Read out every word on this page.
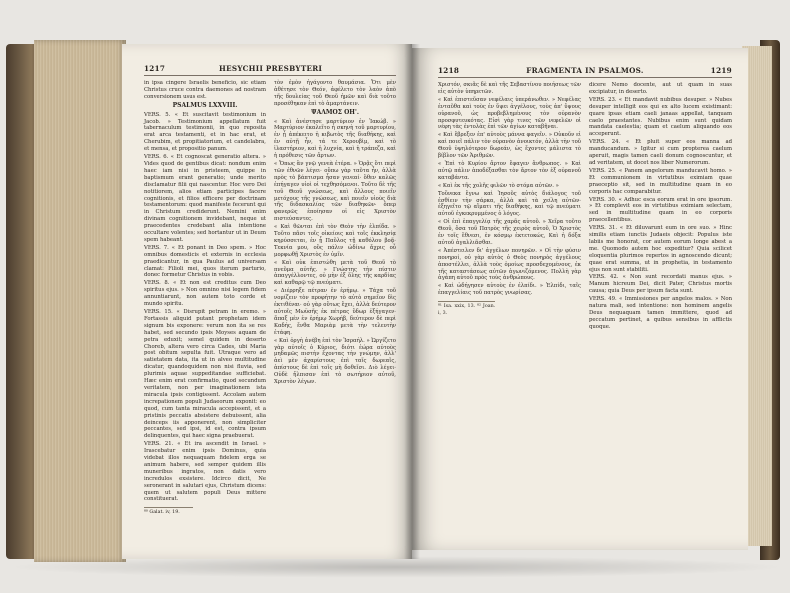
1217	HESYCHII PRESBYTERI

in ipsa cingere Israelis beneficio, sic etiam Christus cruce contra daemones ad nostram conversionem usus est.

PSALMUS LXXVIII.

VERS. 5. « Et suscitavit testimonium in Jacob. » Testimonium appellatum fuit tabernaculum testimonii, in quo reposita erat arca testamenti, et in hac erat, et Cherubim, et propitiatorium, et candelabra, et mensa, et propositio panum.

VERS. 6. « Et cognoscat generatio altera. » Vides quod de gentibus dicat: nondum enim haec iam nisi in pristeem, quippe in baptismum erant generatio; unde merito disclamatur filii qui nascentur. Hoc vero Dei notitiorem, alios etiam participes facere cognitionis, et filios efficere per doctrinam testamentorum: quod manifeste fecerunt qui in Christum crediderunt. Nemini enim divinam cognitionem invidebant, neque ut praecedentes credebant alia intentione occultare volentes; sed hortantur ut in Deum spem habeant.

VERS. 7. « Et ponant in Deo spem. » Hoc omnibus domesticis et externis in ecclesia praedicantur, in qua Paulus ad universam clamat: Filioli mei, quos iterum parturio, donec formetur Christus in vobis.

VERS. 8. « Et non est creditus cum Deo spiritus ejus. » Non omnino nisi legem fidem annuntiarunt, non autem toto corde et mundo spiritu.

VERS. 15. « Disrupit petram in eremo. » Fortassis aliquid putant prophetam idem signum bis exponere: verum non ita se res habet, sed secundo ipsis Moyses aquam de petra eduxit; semel quidem in deserto Choreb, altera vero circa Cades, ubi Maria post obitum sepulta fuit. Utraque vero ad satietatem data, ita ut in alveo multitudine dicatur, quandoquidem non nisi fluvia, sed plurimis aquae suppeditandae sufficiebat. Hæc enim erat confirmatio, quod secundum veritatem, non per imaginationem ista miracula ipsis contigissent. Accolam autem increpationem populi Judaeorum exponit: eo quod, cum tanta miracula accepissent, et a pristinis peccatis absistere debuissent, alia deinceps iis apponerent, non simpliciter peccantes, sed ipsi, id est, contra ipsum delinquentes, qui haec signa praebuerat.

VERS. 21. « Et ira ascendit in Israel. » Irascebatur enim ipsis Dominus, quia videbat illos nequaquam fidelem erga se animum habere, sed semper quidem illis muneribus ingratos, non datis vero incredulos exsistere. Idcirco dicit, Ne seronerant in salutari ejus, Christum dicens: quem ut salutem populi Deus mittere constituerat.

⁸⁰ Galat. iv, 19.

τὸν ἐμὸν ἠγάγοντο θαυμάσια. Ὅτι μὲν ἀθέτησε τὸν Θεόν, ἀφέλετο τὸν λαὸν ἀπὸ τῆς δουλείας τοῦ Θεοῦ ἡμῶν καὶ διὰ τοῦτο προσέθηκαν ἐπὶ τὸ ἁμαρτάνειν.

ΨΑΛΜΟΣ ΟΗ'.

« Καὶ ἀνέστησε μαρτύριον ἐν Ἰακώβ. » Μαρτύριον ἐκαλεῖτο ἡ σκηνὴ τοῦ μαρτυρίου, ἐν ᾗ ἀπέκειτο ἡ κιβωτὸς τῆς διαθήκης, καὶ ἐν αὐτῇ ἦν, τά τε Χερουβὶμ, καὶ τὸ ἱλαστήριον, καὶ ἡ λυχνία, καὶ ἡ τράπεζα, καὶ ἡ πρόθεσις τῶν ἄρτων.

« Ὅπως ἂν γνῷ γενεὰ ἑτέρα. » Ὁρᾷς ὅτι περὶ τῶν ἐθνῶν λέγει· οὔπω γὰρ ταῦτα ἦν, ἀλλὰ πρὸς τὸ βάπτισμα ἦσαν γενεαί· ὅθεν καλῶς ἐπήγαγεν υἱοὶ οἱ τεχθησόμενοι. Τοῦτο δὲ τῆς τοῦ Θεοῦ γνώσεως, καὶ ἄλλους ποιεῖν μετόχους τῆς γνώσεως, καὶ ποιεῖν υἱοὺς διὰ τῆς διδασκαλίας τῶν διαθηκῶν· ὅπερ φανερῶς ἐποίησαν οἱ εἰς Χριστὸν πιστεύσαντες.

« Καὶ θῶνται ἐπὶ τὸν Θεὸν τὴν ἐλπίδα. » Τοῦτο πᾶσι τοῖς οἰκείοις καὶ τοῖς ἐκκλησίᾳ κηρύσσεται, ἐν ᾗ Παῦλος τῇ καθόλου βοᾷ· Τεκνία μου, οὓς πάλιν ὠδίνω ἄχρις οὗ μορφωθῇ Χριστὸς ἐν ὑμῖν.

« Καὶ οὐκ ἐπιστώθη μετὰ τοῦ Θεοῦ τὸ πνεῦμα αὐτῆς. » Γνώστης τὴν πίστιν ἀπαγγέλλοντες, οὐ μὴν ἐξ ὅλης τῆς καρδίας καὶ καθαρῷ τῷ πνεύματι.

« Διέρρηξε πέτραν ἐν ἐρήμῳ. » Τάχα τοῦ νομίζειν τὸν προφήτην τὸ αὐτὸ σημεῖον δὶς ἐκτιθέναι· οὐ γὰρ οὕτως ἔχει, ἀλλὰ δεύτερον αὐτοῖς Μωϋσῆς ἐκ πέτρας ὕδωρ ἐξήγαγεν· ἅπαξ μὲν ἐν ἐρήμῳ Χωρήβ, δεύτερον δὲ περὶ Καδής, ἔνθα Μαριὰμ μετὰ τὴν τελευτὴν ἐτάφη.

« Καὶ ὀργὴ ἀνέβη ἐπὶ τὸν Ἰσραήλ. » Ὠργίζετο γὰρ αὐτοῖς ὁ Κύριος, διότι ἑώρα αὐτοὺς μηδαμῶς πιστὴν ἔχοντας τὴν γνώμην, ἀλλ' ἀεὶ μὲν ἀχαρίστους ἐπὶ ταῖς δωρεαῖς, ἀπίστους δὲ ἐπὶ τοῖς μὴ δοθεῖσι. Διὸ λέγει· Οὐδὲ ἤλπισαν ἐπὶ τὸ σωτήριον αὐτοῦ, Χριστὸν λέγων.

1218	FRAGMENTA IN PSALMOS.	1219

Χριστόν, σκιᾶς δὲ καὶ τῆς Σεβαστίνου ποιήσεως τῶν εἰς αὐτὸν ὑπηρετῶν.

« Καὶ ἐπιστεῦσαν νεφέλαις ὑπεράνωθεν. » Νεφέλας ἐνταῦθα καὶ τοὺς ἐν ὕψει ἀγγέλους, τοὺς ἀπ' ὕψους οὐρανοῦ, ὡς προβεβλημένους τὸν οὐρανὸν προσφυτευκότας. Εἰσὶ γὰρ τινες τῶν νεφελῶν οἱ νέφη τὰς ἐντολὰς ἐπὶ τῶν ἁγίων καταβῆναι.

« Καὶ ἔβρεξεν ἐπ' αὐτοὺς μάννα φαγεῖν. » Οὐκοῦν εἰ καὶ ποιεῖ πάλιν τὸν οὐρανὸν ἀνοικτόν, ἀλλὰ τὴν τοῦ Θεοῦ ὑψηλότερον δωρεάν, ὡς ἔχοντες μάλιστα τὸ βίβλον τῶν Ἀριθμῶν.

« Ἐπὶ τὸ Κυρίου ἄρτον ἔφαγεν ἄνθρωπος. » Καὶ αὐτῷ πάλιν ἀποδέξασθαι τὸν ἄρτον τὸν ἐξ οὐρανοῦ καταβάντα.

« Καὶ ἐκ τῆς χολῆς φιλῶν τὸ στόμα αὐτῶν. »

Τοὔνεκα ἔγνω καὶ Ἰησοῦς αὐτὸς διάλογος τοῦ ἐσθίειν τὴν σάρκα, ἀλλὰ καὶ τὰ χείλη αὐτῶν· ἐξηγεῖτο τῷ αἵματι τῆς διαθήκης, καὶ τῷ πνεύματι αὐτοῦ ἐγκεκρυμμένος ὁ λόγος.

« Οἱ ἐπὶ ἐπαγγελίᾳ τῆς χαρᾶς αὐτοῦ. » Χεῖρα τοῦτο Θεοῦ, ὅσα τοῦ Πατρὸς τῆς χειρὸς αὐτοῦ, Ὁ Χριστὸς ἐν τοῖς ἔθνεσι, ἐν κόσμῳ ἐκτετοκώς, Καὶ ἡ δόξα αὐτοῦ ἀγαλλιᾶσθαι.

« Ἀπέστειλεν δι' ἀγγέλων πονηρῶν. » Οἱ τὴν φύσιν πονηροί, οὐ γὰρ αὐτὸς ὁ Θεὸς πονηρὸς ἀγγέλους ἀποστέλλει, ἀλλὰ τοὺς ὁμοίως προσδεχομένους, ἐκ τῆς καταστάσεως αὐτῶν ἀγωνιζόμενος. Πολλὴ γὰρ ἀγάπη αὐτοῦ πρὸς τοὺς ἀνθρώπους.

« Καὶ ὡδήγησεν αὐτοὺς ἐν ἐλπίδι. » Ἐλπίδι, ταῖς ἐπαγγελίαις τοῦ πατρὸς γνωρίσας.

⁸¹ Isa. xxix, 13. ⁸² Joan. i, 3.

dicere Nemo docente, aut ut quam in suas excipiatur, in deserto.

VERS. 23. « Et mandavit nubibus desuper. » Nubes desuper intelligit eos qui ex alto lucem existimant: quare ipsas etiam caeli janaas appellat, tanquam caelo praestantes. Nubibus enim sunt quidam mandata caelestia; quam et caelum aliquando eos acceperunt.

VERS. 24. « Et pluit super eos manna ad manducandum. » Igitur si cum propterea caelum aperuit, magis tamen caeli donum cognoscuntur, et ad veritatem, ut docet nos liber Numerorum.

VERS. 25. « Panem angelorum manducavit homo. » Et communionem in virtutibus eximiam quae praeceptio sit, sed in multitudine quam in eo corporis hac comparabitur.

VERS. 30. « Adhuc esca eorum erat in ore ipsorum. » Et complevit eos in virtutibus eximiam selectam, sed in multitudine quam in eo corporis praecellentibus.

VERS. 31. « Et diluvarunt eum in ore suo. » Hinc similis etiam iunctis Judaeis objecit: Populus iste labiis me honorat, cor autem eorum longe abest a me. Quomodo autem hoc expeditur? Quia scilicet eloquentia plurimos repertos in agnoscendo dicunt; quae erat summa, ut in prophetia, in testamento ejus non sunt stabiliti.

VERS. 42. « Non sunt recordati manus ejus. » Manum hicreum Dei, dicit Pater, Christus mortis causa; quia Deus per ipsum facta sunt.

VERS. 49. « Immissiones per angelos malos. » Non natura mali, sed intentione: non hominem angelis Deus nequaquam tamen immittere, quod ad peccatum pertinet, a quibus sensibus in afflictis quoque.
